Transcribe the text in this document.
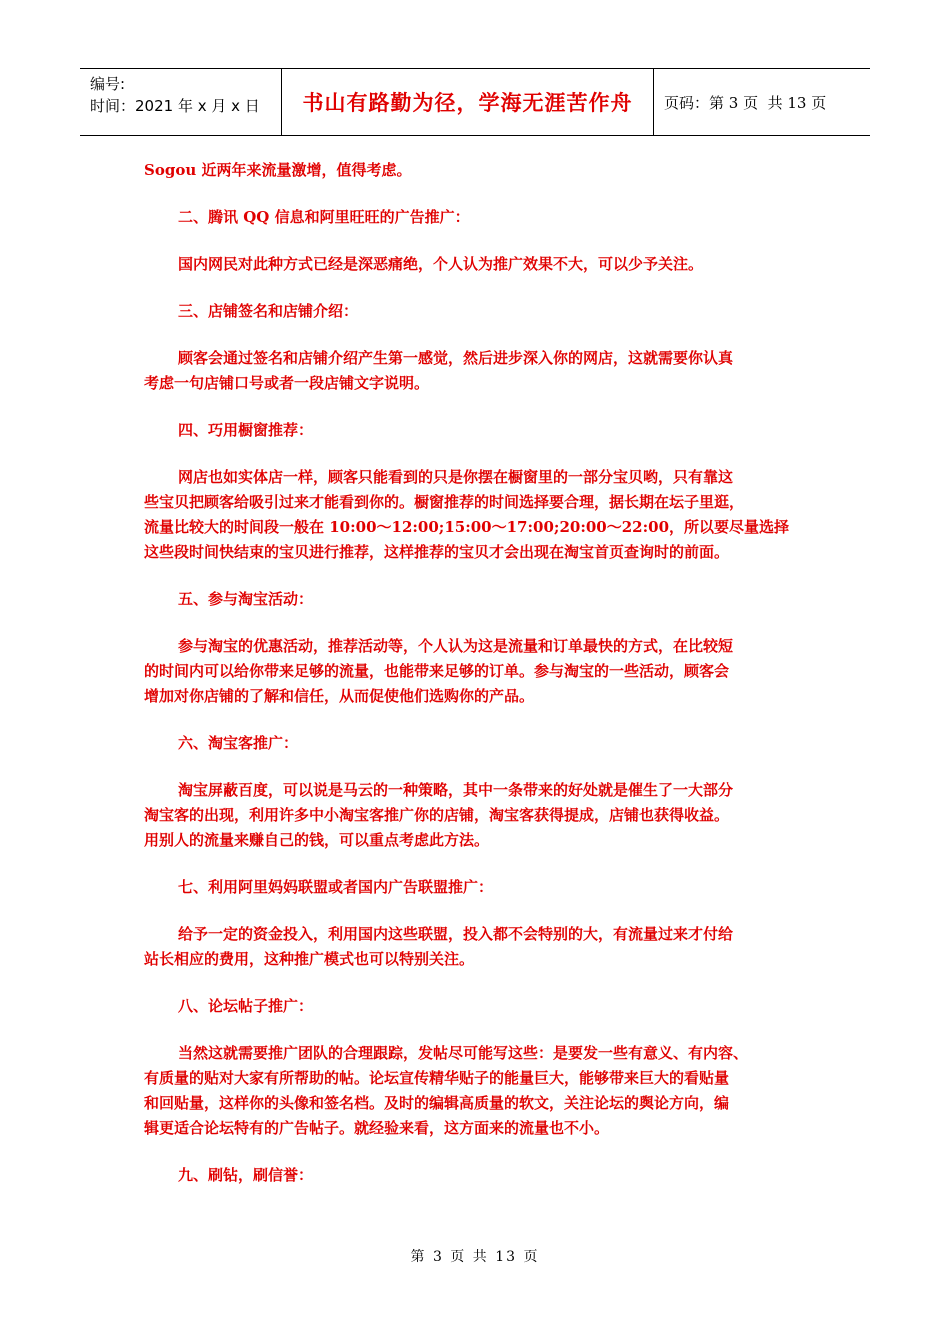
编号:
时间：2021 年 x 月 x 日	书山有路勤为径，学海无涯苦作舟	页码：第 3 页  共 13 页
Sogou 近两年来流量激增，值得考虑。
二、腾讯 QQ 信息和阿里旺旺的广告推广：
国内网民对此种方式已经是深恶痛绝，个人认为推广效果不大，可以少予关注。
三、店铺签名和店铺介绍：
顾客会通过签名和店铺介绍产生第一感觉，然后进步深入你的网店，这就需要你认真
考虑一句店铺口号或者一段店铺文字说明。
四、巧用橱窗推荐：
网店也如实体店一样，顾客只能看到的只是你摆在橱窗里的一部分宝贝哟，只有靠这
些宝贝把顾客给吸引过来才能看到你的。橱窗推荐的时间选择要合理，据长期在坛子里逛，
流量比较大的时间段一般在 10:00～12:00;15:00～17:00;20:00～22:00，所以要尽量选择
这些段时间快结束的宝贝进行推荐，这样推荐的宝贝才会出现在淘宝首页查询时的前面。
五、参与淘宝活动：
参与淘宝的优惠活动，推荐活动等，个人认为这是流量和订单最快的方式，在比较短
的时间内可以给你带来足够的流量，也能带来足够的订单。参与淘宝的一些活动，顾客会
增加对你店铺的了解和信任，从而促使他们选购你的产品。
六、淘宝客推广：
淘宝屏蔽百度，可以说是马云的一种策略，其中一条带来的好处就是催生了一大部分
淘宝客的出现，利用许多中小淘宝客推广你的店铺，淘宝客获得提成，店铺也获得收益。
用别人的流量来赚自己的钱，可以重点考虑此方法。
七、利用阿里妈妈联盟或者国内广告联盟推广：
给予一定的资金投入，利用国内这些联盟，投入都不会特别的大，有流量过来才付给
站长相应的费用，这种推广模式也可以特别关注。
八、论坛帖子推广：
当然这就需要推广团队的合理跟踪，发帖尽可能写这些：是要发一些有意义、有内容、
有质量的贴对大家有所帮助的帖。论坛宣传精华贴子的能量巨大，能够带来巨大的看贴量
和回贴量，这样你的头像和签名档。及时的编辑高质量的软文，关注论坛的舆论方向，编
辑更适合论坛特有的广告帖子。就经验来看，这方面来的流量也不小。
九、刷钻，刷信誉：
第 3 页 共 13 页
